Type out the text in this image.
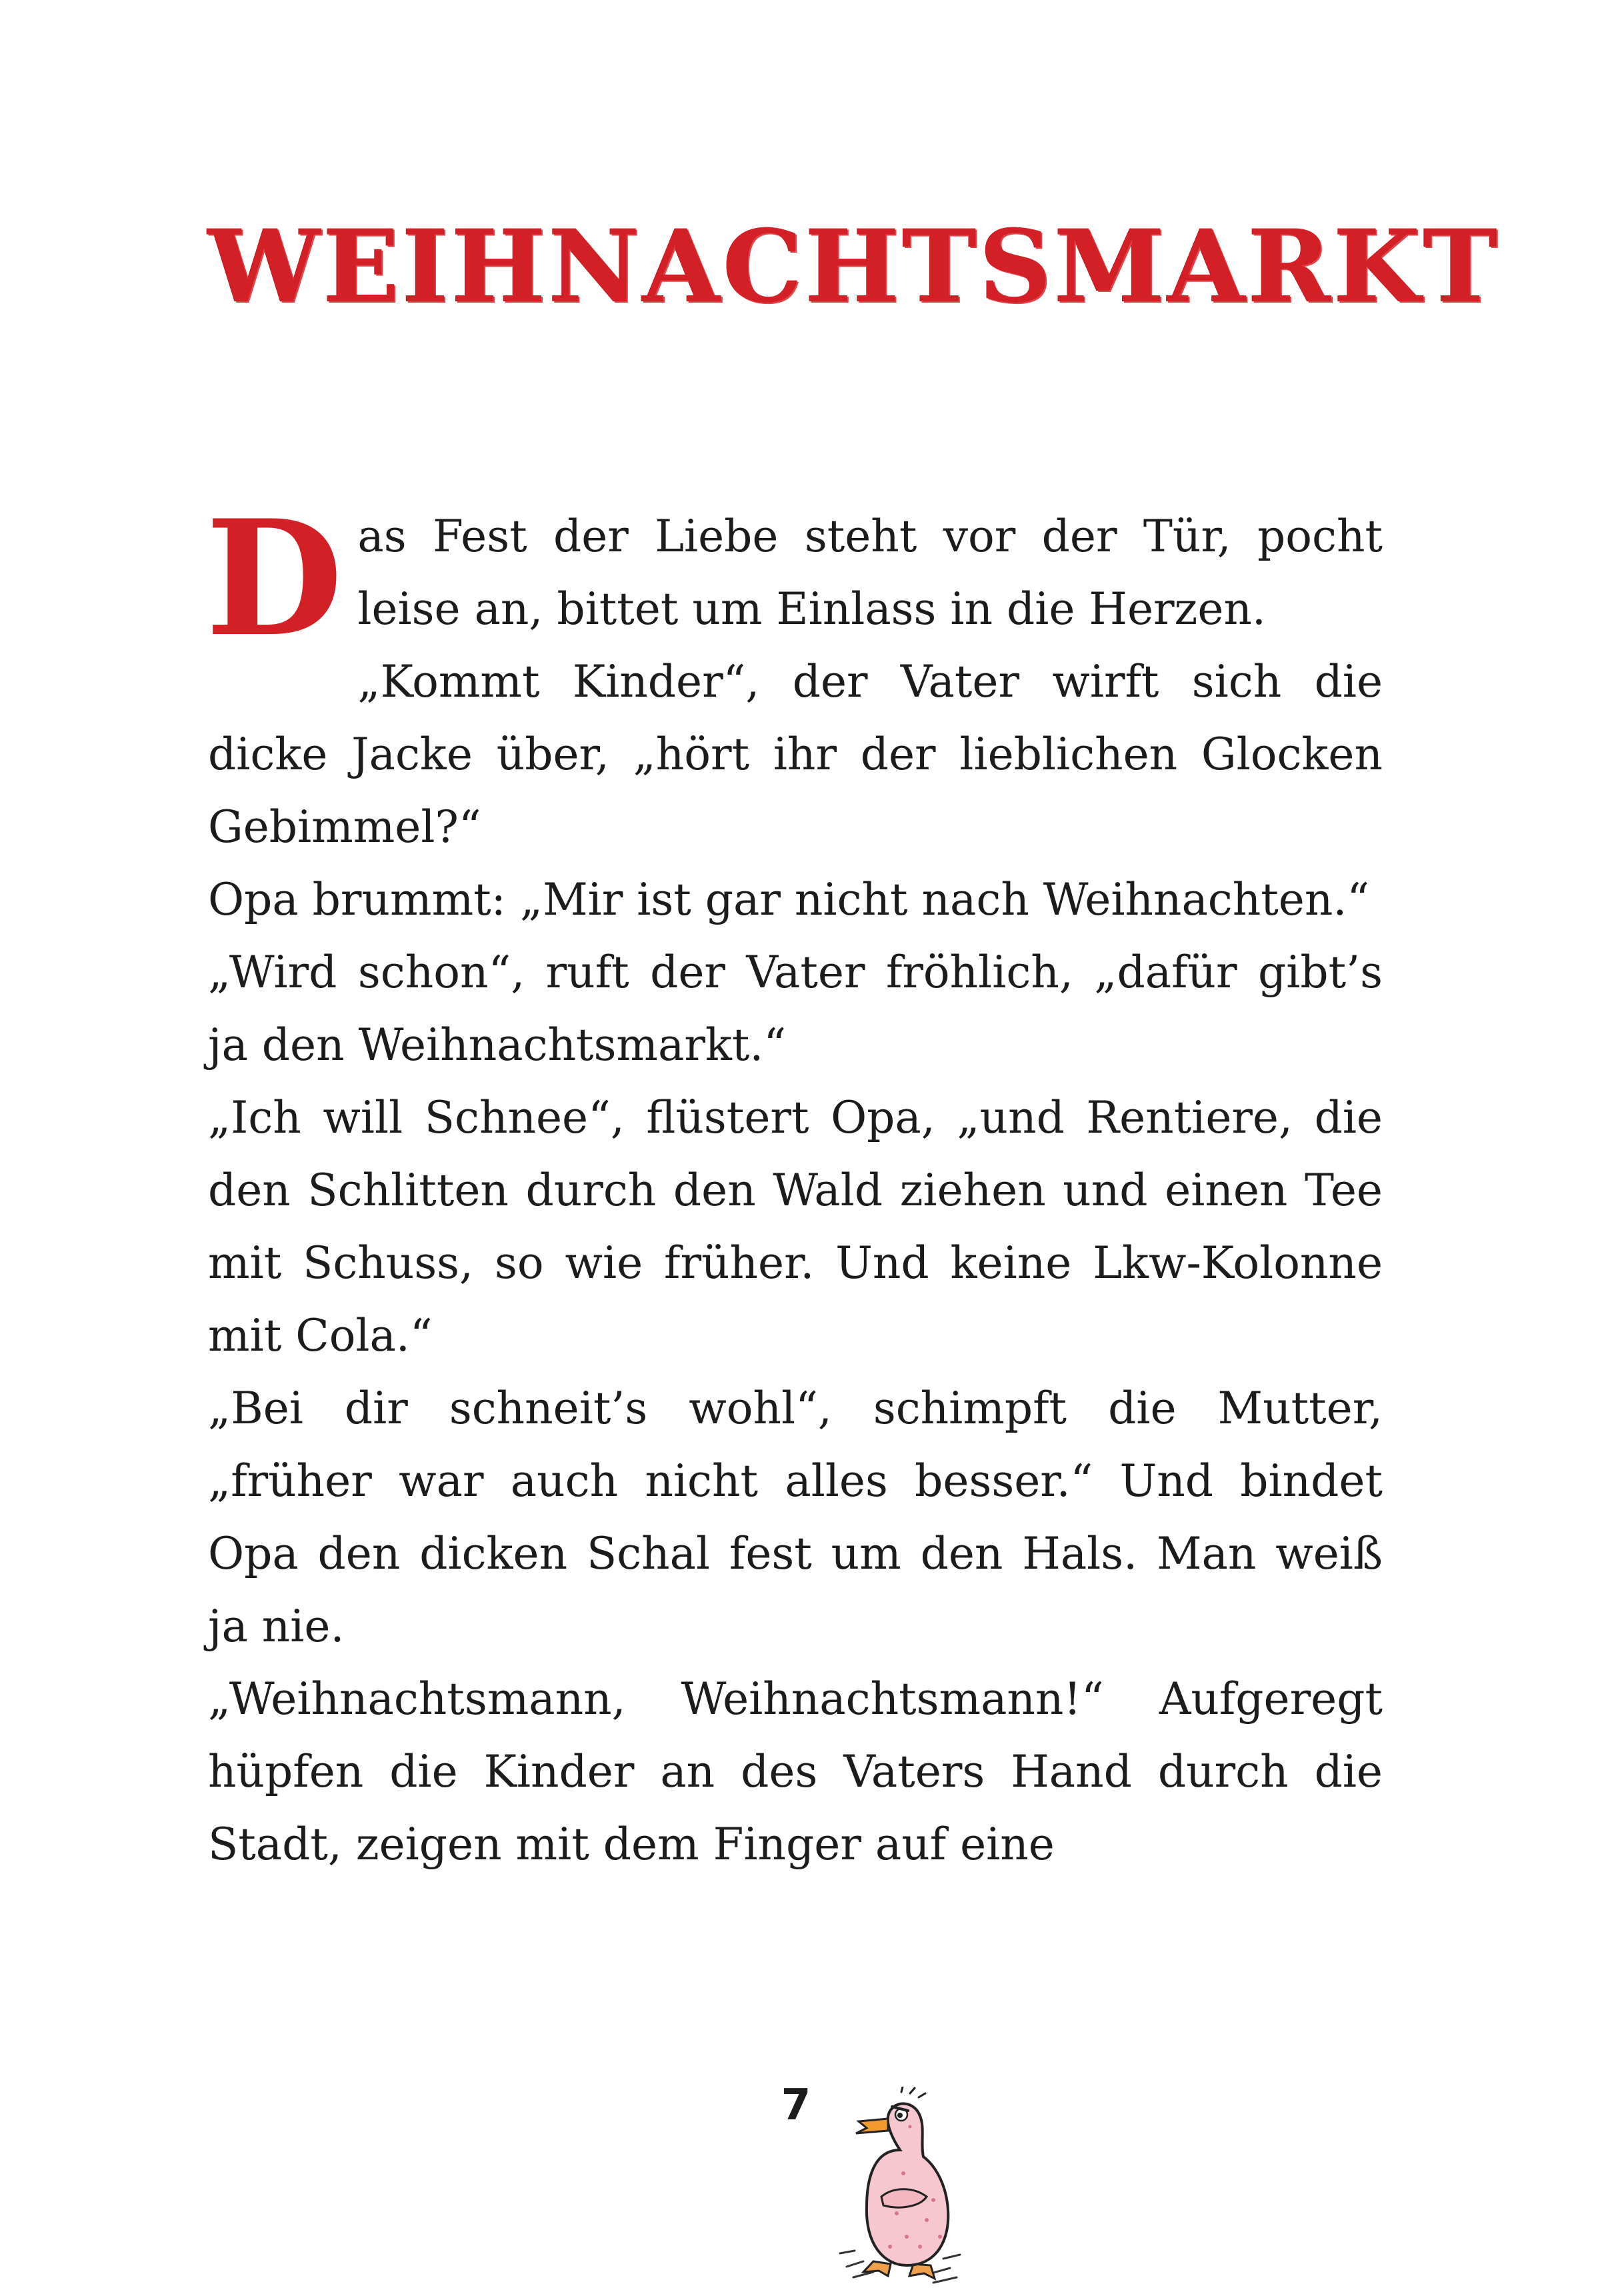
WEIHNACHTSMARKT

Das Fest der Liebe steht vor der Tür, pocht leise an, bittet um Einlass in die Herzen.

„Kommt Kinder“, der Vater wirft sich die dicke Jacke über, „hört ihr der lieblichen Glocken Gebimmel?“

Opa brummt: „Mir ist gar nicht nach Weihnachten.“

„Wird schon“, ruft der Vater fröhlich, „dafür gibt’s ja den Weihnachtsmarkt.“

„Ich will Schnee“, flüstert Opa, „und Rentiere, die den Schlitten durch den Wald ziehen und einen Tee mit Schuss, so wie früher. Und keine Lkw-Kolonne mit Cola.“

„Bei dir schneit’s wohl“, schimpft die Mutter, „früher war auch nicht alles besser.“ Und bindet Opa den dicken Schal fest um den Hals. Man weiß ja nie.

„Weihnachtsmann, Weihnachtsmann!“ Aufgeregt hüpfen die Kinder an des Vaters Hand durch die Stadt, zeigen mit dem Finger auf eine

7
